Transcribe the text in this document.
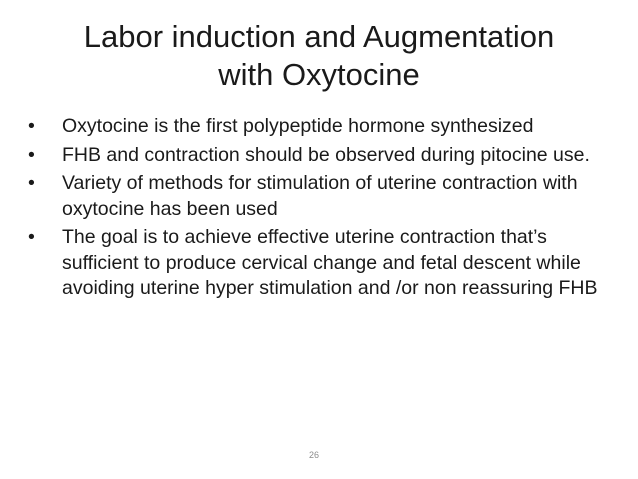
Labor induction and Augmentation
with Oxytocine
•	Oxytocine is the first polypeptide hormone synthesized
•	FHB and contraction should be observed during pitocine use.
•	Variety of methods for stimulation of uterine contraction with oxytocine has been used
•	The goal is to achieve effective uterine contraction that’s sufficient to produce cervical change and fetal descent while avoiding uterine hyper stimulation and /or non reassuring FHB
26
